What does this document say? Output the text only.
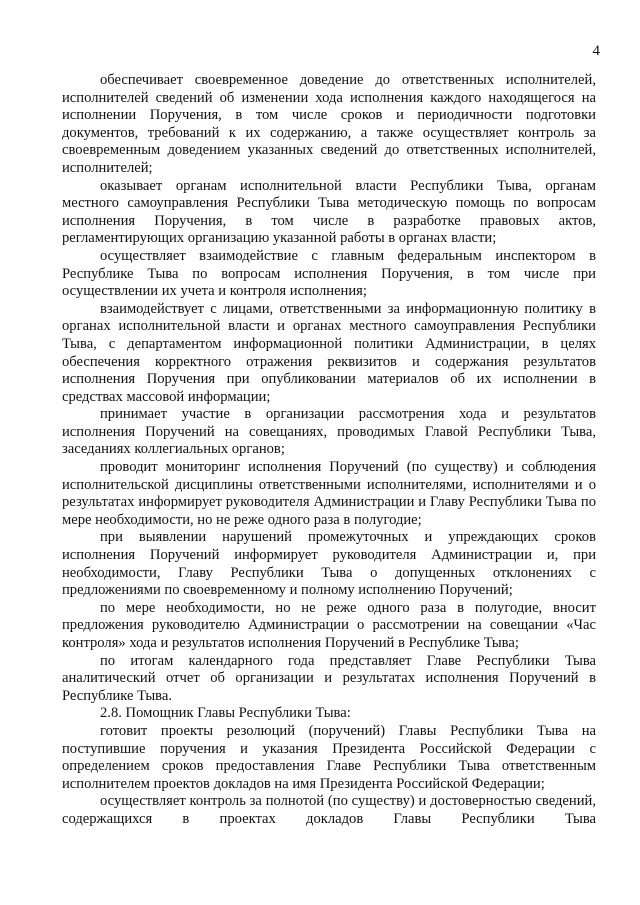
4

обеспечивает своевременное доведение до ответственных исполнителей, исполнителей сведений об изменении хода исполнения каждого находящегося на исполнении Поручения, в том числе сроков и периодичности подготовки документов, требований к их содержанию, а также осуществляет контроль за своевременным доведением указанных сведений до ответственных исполнителей, исполнителей;

оказывает органам исполнительной власти Республики Тыва, органам местного самоуправления Республики Тыва методическую помощь по вопросам исполнения Поручения, в том числе в разработке правовых актов, регламентирующих организацию указанной работы в органах власти;

осуществляет взаимодействие с главным федеральным инспектором в Республике Тыва по вопросам исполнения Поручения, в том числе при осуществлении их учета и контроля исполнения;

взаимодействует с лицами, ответственными за информационную политику в органах исполнительной власти и органах местного самоуправления Республики Тыва, с департаментом информационной политики Администрации, в целях обеспечения корректного отражения реквизитов и содержания результатов исполнения Поручения при опубликовании материалов об их исполнении в средствах массовой информации;

принимает участие в организации рассмотрения хода и результатов исполнения Поручений на совещаниях, проводимых Главой Республики Тыва, заседаниях коллегиальных органов;

проводит мониторинг исполнения Поручений (по существу) и соблюдения исполнительской дисциплины ответственными исполнителями, исполнителями и о результатах информирует руководителя Администрации и Главу Республики Тыва по мере необходимости, но не реже одного раза в полугодие;

при выявлении нарушений промежуточных и упреждающих сроков исполнения Поручений информирует руководителя Администрации и, при необходимости, Главу Республики Тыва о допущенных отклонениях с предложениями по своевременному и полному исполнению Поручений;

по мере необходимости, но не реже одного раза в полугодие, вносит предложения руководителю Администрации о рассмотрении на совещании «Час контроля» хода и результатов исполнения Поручений в Республике Тыва;

по итогам календарного года представляет Главе Республики Тыва аналитический отчет об организации и результатах исполнения Поручений в Республике Тыва.

2.8. Помощник Главы Республики Тыва:

готовит проекты резолюций (поручений) Главы Республики Тыва на поступившие поручения и указания Президента Российской Федерации с определением сроков предоставления Главе Республики Тыва ответственным исполнителем проектов докладов на имя Президента Российской Федерации;

осуществляет контроль за полнотой (по существу) и достоверностью сведений, содержащихся в проектах докладов Главы Республики Тыва
